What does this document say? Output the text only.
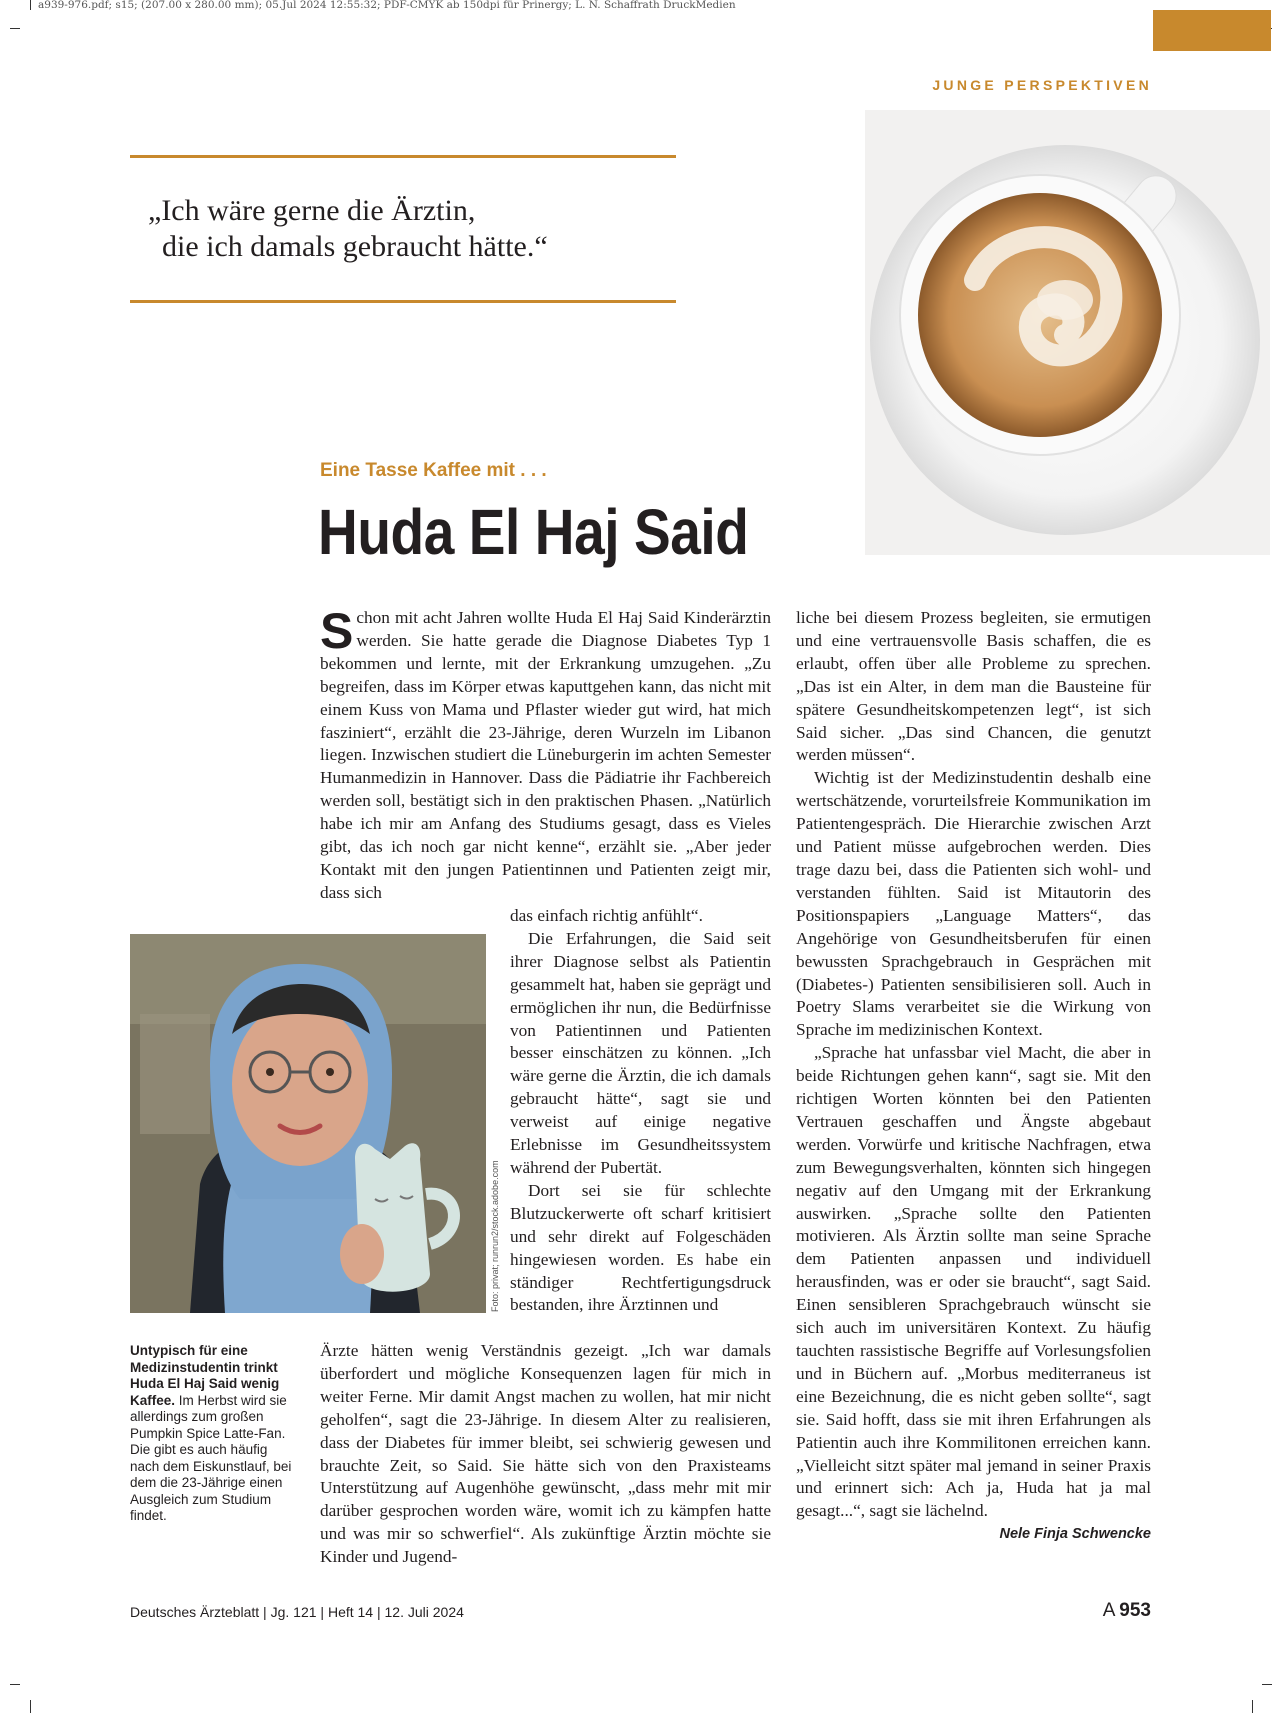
a939-976.pdf; s15; (207.00 x 280.00 mm); 05.Jul 2024 12:55:32; PDF-CMYK ab 150dpi für Prinergy; L. N. Schaffrath DruckMedien
JUNGE PERSPEKTIVEN
„Ich wäre gerne die Ärztin,
die ich damals gebraucht hätte.“
Eine Tasse Kaffee mit . . .
Huda El Haj Said

Schon mit acht Jahren wollte Huda El Haj Said Kinderärztin werden. Sie hatte gerade die Diagnose Diabetes Typ 1 bekommen und lernte, mit der Erkrankung umzugehen. „Zu begreifen, dass im Körper etwas kaputtgehen kann, das nicht mit einem Kuss von Mama und Pflaster wieder gut wird, hat mich fasziniert“, erzählt die 23-Jährige, deren Wurzeln im Libanon liegen. Inzwischen studiert die Lüneburgerin im achten Semester Humanmedizin in Hannover. Dass die Pädiatrie ihr Fachbereich werden soll, bestätigt sich in den praktischen Phasen. „Natürlich habe ich mir am Anfang des Studiums gesagt, dass es Vieles gibt, das ich noch gar nicht kenne“, erzählt sie. „Aber jeder Kontakt mit den jungen Patientinnen und Patienten zeigt mir, dass sich

das einfach richtig anfühlt“.

Die Erfahrungen, die Said seit ihrer Diagnose selbst als Patientin gesammelt hat, haben sie geprägt und ermöglichen ihr nun, die Bedürfnisse von Patientinnen und Patienten besser einschätzen zu können. „Ich wäre gerne die Ärztin, die ich damals gebraucht hätte“, sagt sie und verweist auf einige negative Erlebnisse im Gesundheitssystem während der Pubertät.

Dort sei sie für schlechte Blutzuckerwerte oft scharf kritisiert und sehr direkt auf Folgeschäden hingewiesen worden. Es habe ein ständiger Rechtfertigungsdruck bestanden, ihre Ärztinnen und

Ärzte hätten wenig Verständnis gezeigt. „Ich war damals überfordert und mögliche Konsequenzen lagen für mich in weiter Ferne. Mir damit Angst machen zu wollen, hat mir nicht geholfen“, sagt die 23-Jährige. In diesem Alter zu realisieren, dass der Diabetes für immer bleibt, sei schwierig gewesen und brauchte Zeit, so Said. Sie hätte sich von den Praxisteams Unterstützung auf Augenhöhe gewünscht, „dass mehr mit mir darüber gesprochen worden wäre, womit ich zu kämpfen hatte und was mir so schwerfiel“. Als zukünftige Ärztin möchte sie Kinder und Jugend-

liche bei diesem Prozess begleiten, sie ermutigen und eine vertrauensvolle Basis schaffen, die es erlaubt, offen über alle Probleme zu sprechen. „Das ist ein Alter, in dem man die Bausteine für spätere Gesundheitskompetenzen legt“, ist sich Said sicher. „Das sind Chancen, die genutzt werden müssen“.

Wichtig ist der Medizinstudentin deshalb eine wertschätzende, vorurteilsfreie Kommunikation im Patientengespräch. Die Hierarchie zwischen Arzt und Patient müsse aufgebrochen werden. Dies trage dazu bei, dass die Patienten sich wohl- und verstanden fühlten. Said ist Mitautorin des Positionspapiers „Language Matters“, das Angehörige von Gesundheitsberufen für einen bewussten Sprachgebrauch in Gesprächen mit (Diabetes-) Patienten sensibilisieren soll. Auch in Poetry Slams verarbeitet sie die Wirkung von Sprache im medizinischen Kontext.

„Sprache hat unfassbar viel Macht, die aber in beide Richtungen gehen kann“, sagt sie. Mit den richtigen Worten könnten bei den Patienten Vertrauen geschaffen und Ängste abgebaut werden. Vorwürfe und kritische Nachfragen, etwa zum Bewegungsverhalten, könnten sich hingegen negativ auf den Umgang mit der Erkrankung auswirken. „Sprache sollte den Patienten motivieren. Als Ärztin sollte man seine Sprache dem Patienten anpassen und individuell herausfinden, was er oder sie braucht“, sagt Said. Einen sensibleren Sprachgebrauch wünscht sie sich auch im universitären Kontext. Zu häufig tauchten rassistische Begriffe auf Vorlesungsfolien und in Büchern auf. „Morbus mediterraneus ist eine Bezeichnung, die es nicht geben sollte“, sagt sie. Said hofft, dass sie mit ihren Erfahrungen als Patientin auch ihre Kommilitonen erreichen kann. „Vielleicht sitzt später mal jemand in seiner Praxis und erinnert sich: Ach ja, Huda hat ja mal gesagt...“, sagt sie lächelnd.
Nele Finja Schwencke

Foto: privat; runrun2/stock.adobe.com
Untypisch für eine Medizinstudentin trinkt Huda El Haj Said wenig Kaffee. Im Herbst wird sie allerdings zum großen Pumpkin Spice Latte-Fan. Die gibt es auch häufig nach dem Eiskunstlauf, bei dem die 23-Jährige einen Ausgleich zum Studium findet.
Deutsches Ärzteblatt | Jg. 121 | Heft 14 | 12. Juli 2024	A  953
